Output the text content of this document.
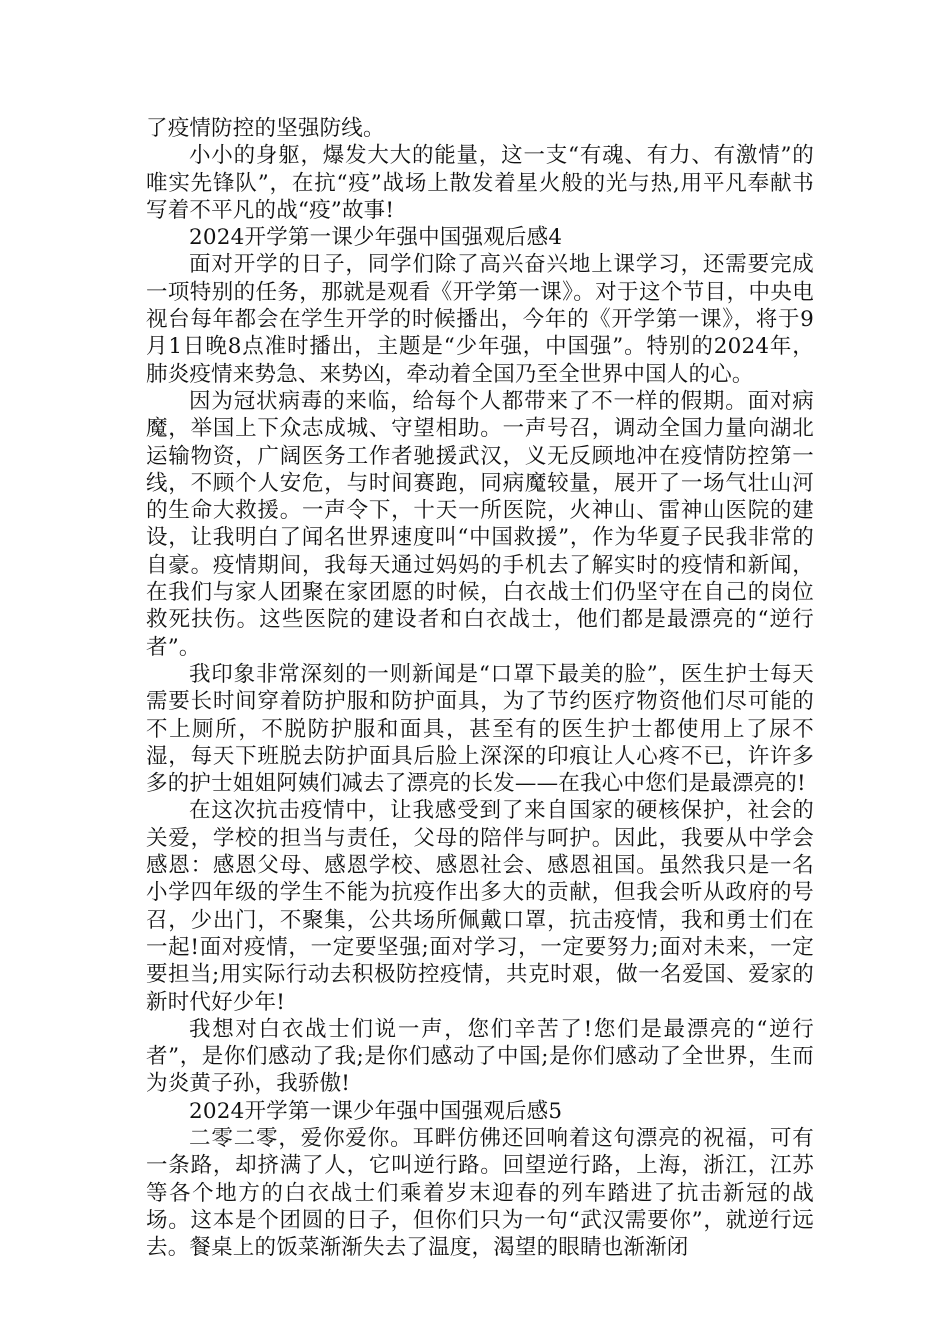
了疫情防控的坚强防线。

小小的身躯，爆发大大的能量，这一支“有魂、有力、有激情”的唯实先锋队”，在抗“疫”战场上散发着星火般的光与热,用平凡奉献书写着不平凡的战“疫”故事!

2024开学第一课少年强中国强观后感4

面对开学的日子，同学们除了高兴奋兴地上课学习，还需要完成一项特别的任务，那就是观看《开学第一课》。对于这个节目，中央电视台每年都会在学生开学的时候播出，今年的《开学第一课》，将于9月1日晚8点准时播出，主题是“少年强，中国强”。特别的2024年，肺炎疫情来势急、来势凶，牵动着全国乃至全世界中国人的心。

因为冠状病毒的来临，给每个人都带来了不一样的假期。面对病魔，举国上下众志成城、守望相助。一声号召，调动全国力量向湖北运输物资，广阔医务工作者驰援武汉，义无反顾地冲在疫情防控第一线，不顾个人安危，与时间赛跑，同病魔较量，展开了一场气壮山河的生命大救援。一声令下，十天一所医院，火神山、雷神山医院的建设，让我明白了闻名世界速度叫“中国救援”，作为华夏子民我非常的自豪。疫情期间，我每天通过妈妈的手机去了解实时的疫情和新闻，在我们与家人团聚在家团愿的时候，白衣战士们仍坚守在自己的岗位救死扶伤。这些医院的建设者和白衣战士，他们都是最漂亮的“逆行者”。

我印象非常深刻的一则新闻是“口罩下最美的脸”，医生护士每天需要长时间穿着防护服和防护面具，为了节约医疗物资他们尽可能的不上厕所，不脱防护服和面具，甚至有的医生护士都使用上了尿不湿，每天下班脱去防护面具后脸上深深的印痕让人心疼不已，许许多多的护士姐姐阿姨们减去了漂亮的长发——在我心中您们是最漂亮的!

在这次抗击疫情中，让我感受到了来自国家的硬核保护，社会的关爱，学校的担当与责任，父母的陪伴与呵护。因此，我要从中学会感恩：感恩父母、感恩学校、感恩社会、感恩祖国。虽然我只是一名小学四年级的学生不能为抗疫作出多大的贡献，但我会听从政府的号召，少出门，不聚集，公共场所佩戴口罩，抗击疫情，我和勇士们在一起!面对疫情，一定要坚强;面对学习，一定要努力;面对未来，一定要担当;用实际行动去积极防控疫情，共克时艰，做一名爱国、爱家的新时代好少年!

我想对白衣战士们说一声，您们辛苦了!您们是最漂亮的“逆行者”，是你们感动了我;是你们感动了中国;是你们感动了全世界，生而为炎黄子孙，我骄傲!

2024开学第一课少年强中国强观后感5

二零二零，爱你爱你。耳畔仿佛还回响着这句漂亮的祝福，可有一条路，却挤满了人，它叫逆行路。回望逆行路，上海，浙江，江苏等各个地方的白衣战士们乘着岁末迎春的列车踏进了抗击新冠的战场。这本是个团圆的日子，但你们只为一句“武汉需要你”，就逆行远去。餐桌上的饭菜渐渐失去了温度，渴望的眼睛也渐渐闭
